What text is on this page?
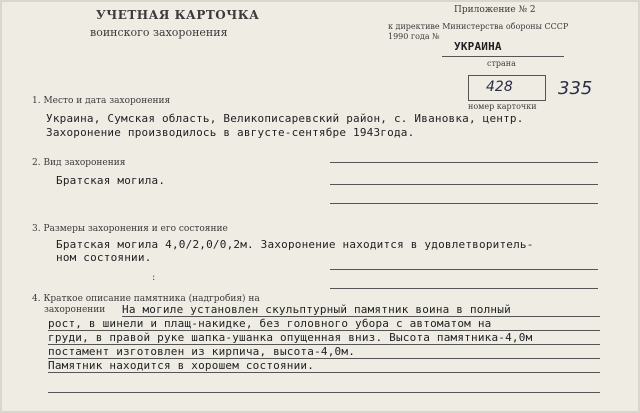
УЧЕТНАЯ КАРТОЧКА
воинского захоронения
Приложение № 2
к директиве Министерства обороны СССР
1990 года №
УКРАИНА
страна
428	335
номер карточки
1. Место и дата захоронения
Украина, Сумская область, Великописаревский район, с. Ивановка, центр.
Захоронение производилось в августе-сентябре 1943года.
2. Вид захоронения
Братская могила.
3. Размеры захоронения и его состояние
Братская могила 4,0/2,0/0,2м. Захоронение находится в удовлетворитель-
ном состоянии.
:
4. Краткое описание памятника (надгробия) на
захоронении На могиле установлен скульптурный памятник воина в полный
рост, в шинели и плащ-накидке, без головного убора с автоматом на
груди, в правой руке шапка-ушанка опущенная вниз. Высота памятника-4,0м
постамент изготовлен из кирпича, высота-4,0м.
Памятник находится в хорошем состоянии.
